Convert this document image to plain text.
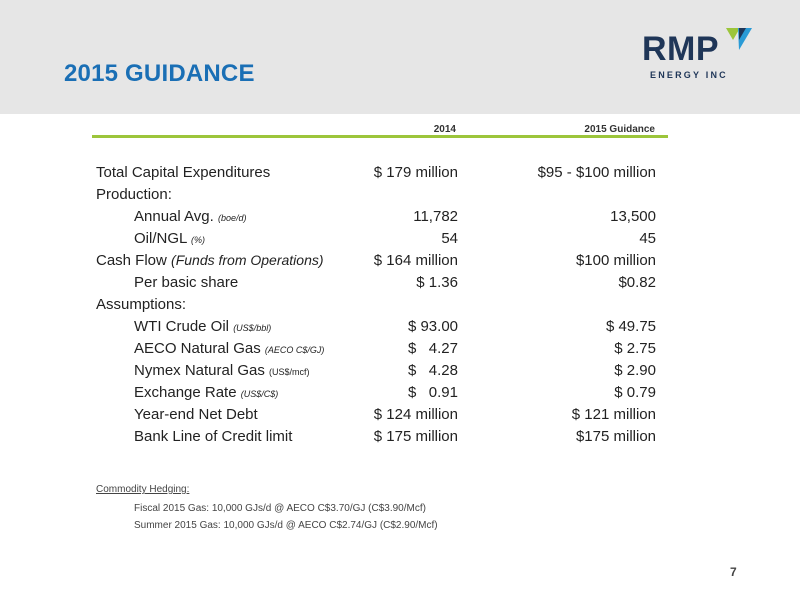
2015 GUIDANCE
RMP
ENERGY INC
2014	2015 Guidance
Total Capital Expenditures	$ 179 million	$95 - $100 million
Production:
Annual Avg. (boe/d)	11,782	13,500
Oil/NGL (%)	54	45
Cash Flow (Funds from Operations)	$ 164 million	$100 million
Per basic share	$ 1.36	$0.82
Assumptions:
WTI Crude Oil (US$/bbl)	$ 93.00	$ 49.75
AECO Natural Gas (AECO C$/GJ)	$   4.27	$ 2.75
Nymex Natural Gas (US$/mcf)	$   4.28	$ 2.90
Exchange Rate (US$/C$)	$   0.91	$ 0.79
Year-end Net Debt	$ 124 million	$ 121 million
Bank Line of Credit limit	$ 175 million	$175 million
Commodity Hedging:
Fiscal 2015 Gas: 10,000 GJs/d @ AECO C$3.70/GJ (C$3.90/Mcf)
Summer 2015 Gas: 10,000 GJs/d @ AECO C$2.74/GJ (C$2.90/Mcf)
7
